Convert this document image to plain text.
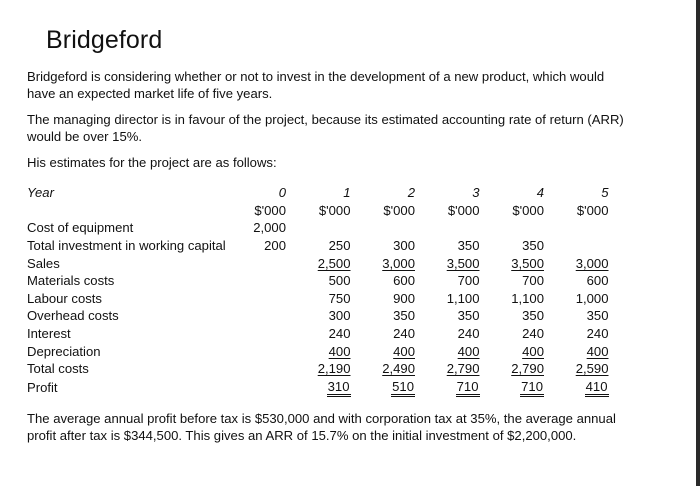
Bridgeford

Bridgeford is considering whether or not to invest in the development of a new product, which would have an expected market life of five years.

The managing director is in favour of the project, because its estimated accounting rate of return (ARR) would be over 15%.

His estimates for the project are as follows:

Year	0	1	2	3	4	5
	$'000	$'000	$'000	$'000	$'000	$'000
Cost of equipment	2,000					
Total investment in working capital	200	250	300	350	350	
Sales		2,500	3,000	3,500	3,500	3,000
Materials costs		500	600	700	700	600
Labour costs		750	900	1,100	1,100	1,000
Overhead costs		300	350	350	350	350
Interest		240	240	240	240	240
Depreciation		400	400	400	400	400
Total costs		2,190	2,490	2,790	2,790	2,590
Profit		310	510	710	710	410

The average annual profit before tax is $530,000 and with corporation tax at 35%, the average annual profit after tax is $344,500. This gives an ARR of 15.7% on the initial investment of $2,200,000.
